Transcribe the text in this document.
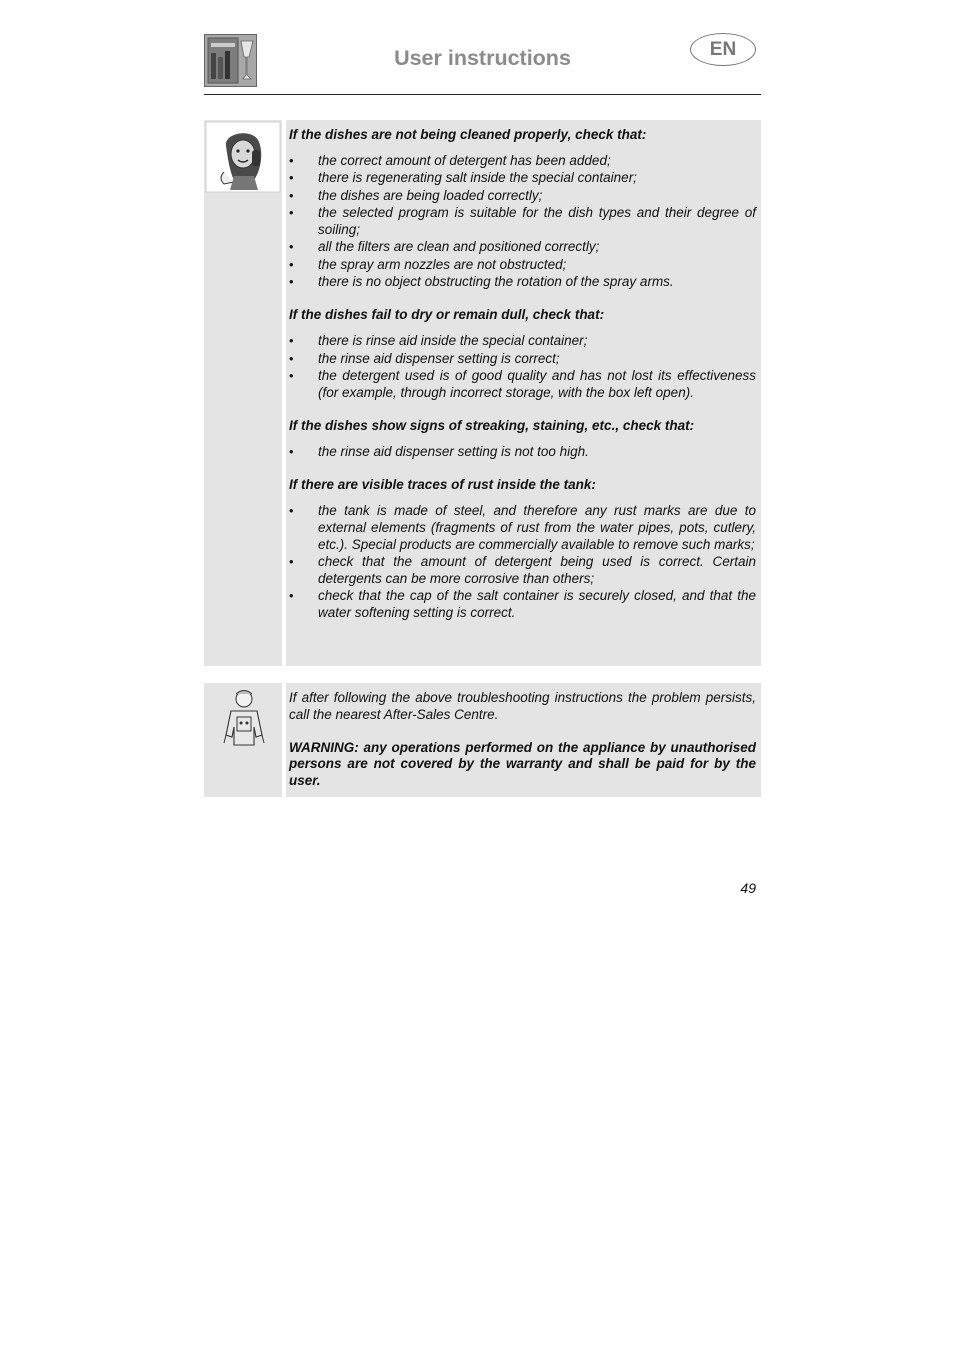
User instructions	EN

If the dishes are not being cleaned properly, check that:

• the correct amount of detergent has been added;
• there is regenerating salt inside the special container;
• the dishes are being loaded correctly;
• the selected program is suitable for the dish types and their degree of soiling;
• all the filters are clean and positioned correctly;
• the spray arm nozzles are not obstructed;
• there is no object obstructing the rotation of the spray arms.

If the dishes fail to dry or remain dull, check that:

• there is rinse aid inside the special container;
• the rinse aid dispenser setting is correct;
• the detergent used is of good quality and has not lost its effectiveness (for example, through incorrect storage, with the box left open).

If the dishes show signs of streaking, staining, etc., check that:

• the rinse aid dispenser setting is not too high.

If there are visible traces of rust inside the tank:

• the tank is made of steel, and therefore any rust marks are due to external elements (fragments of rust from the water pipes, pots, cutlery, etc.). Special products are commercially available to remove such marks;
• check that the amount of detergent being used is correct. Certain detergents can be more corrosive than others;
• check that the cap of the salt container is securely closed, and that the water softening setting is correct.

If after following the above troubleshooting instructions the problem persists, call the nearest After-Sales Centre.

WARNING: any operations performed on the appliance by unauthorised persons are not covered by the warranty and shall be paid for by the user.

49
